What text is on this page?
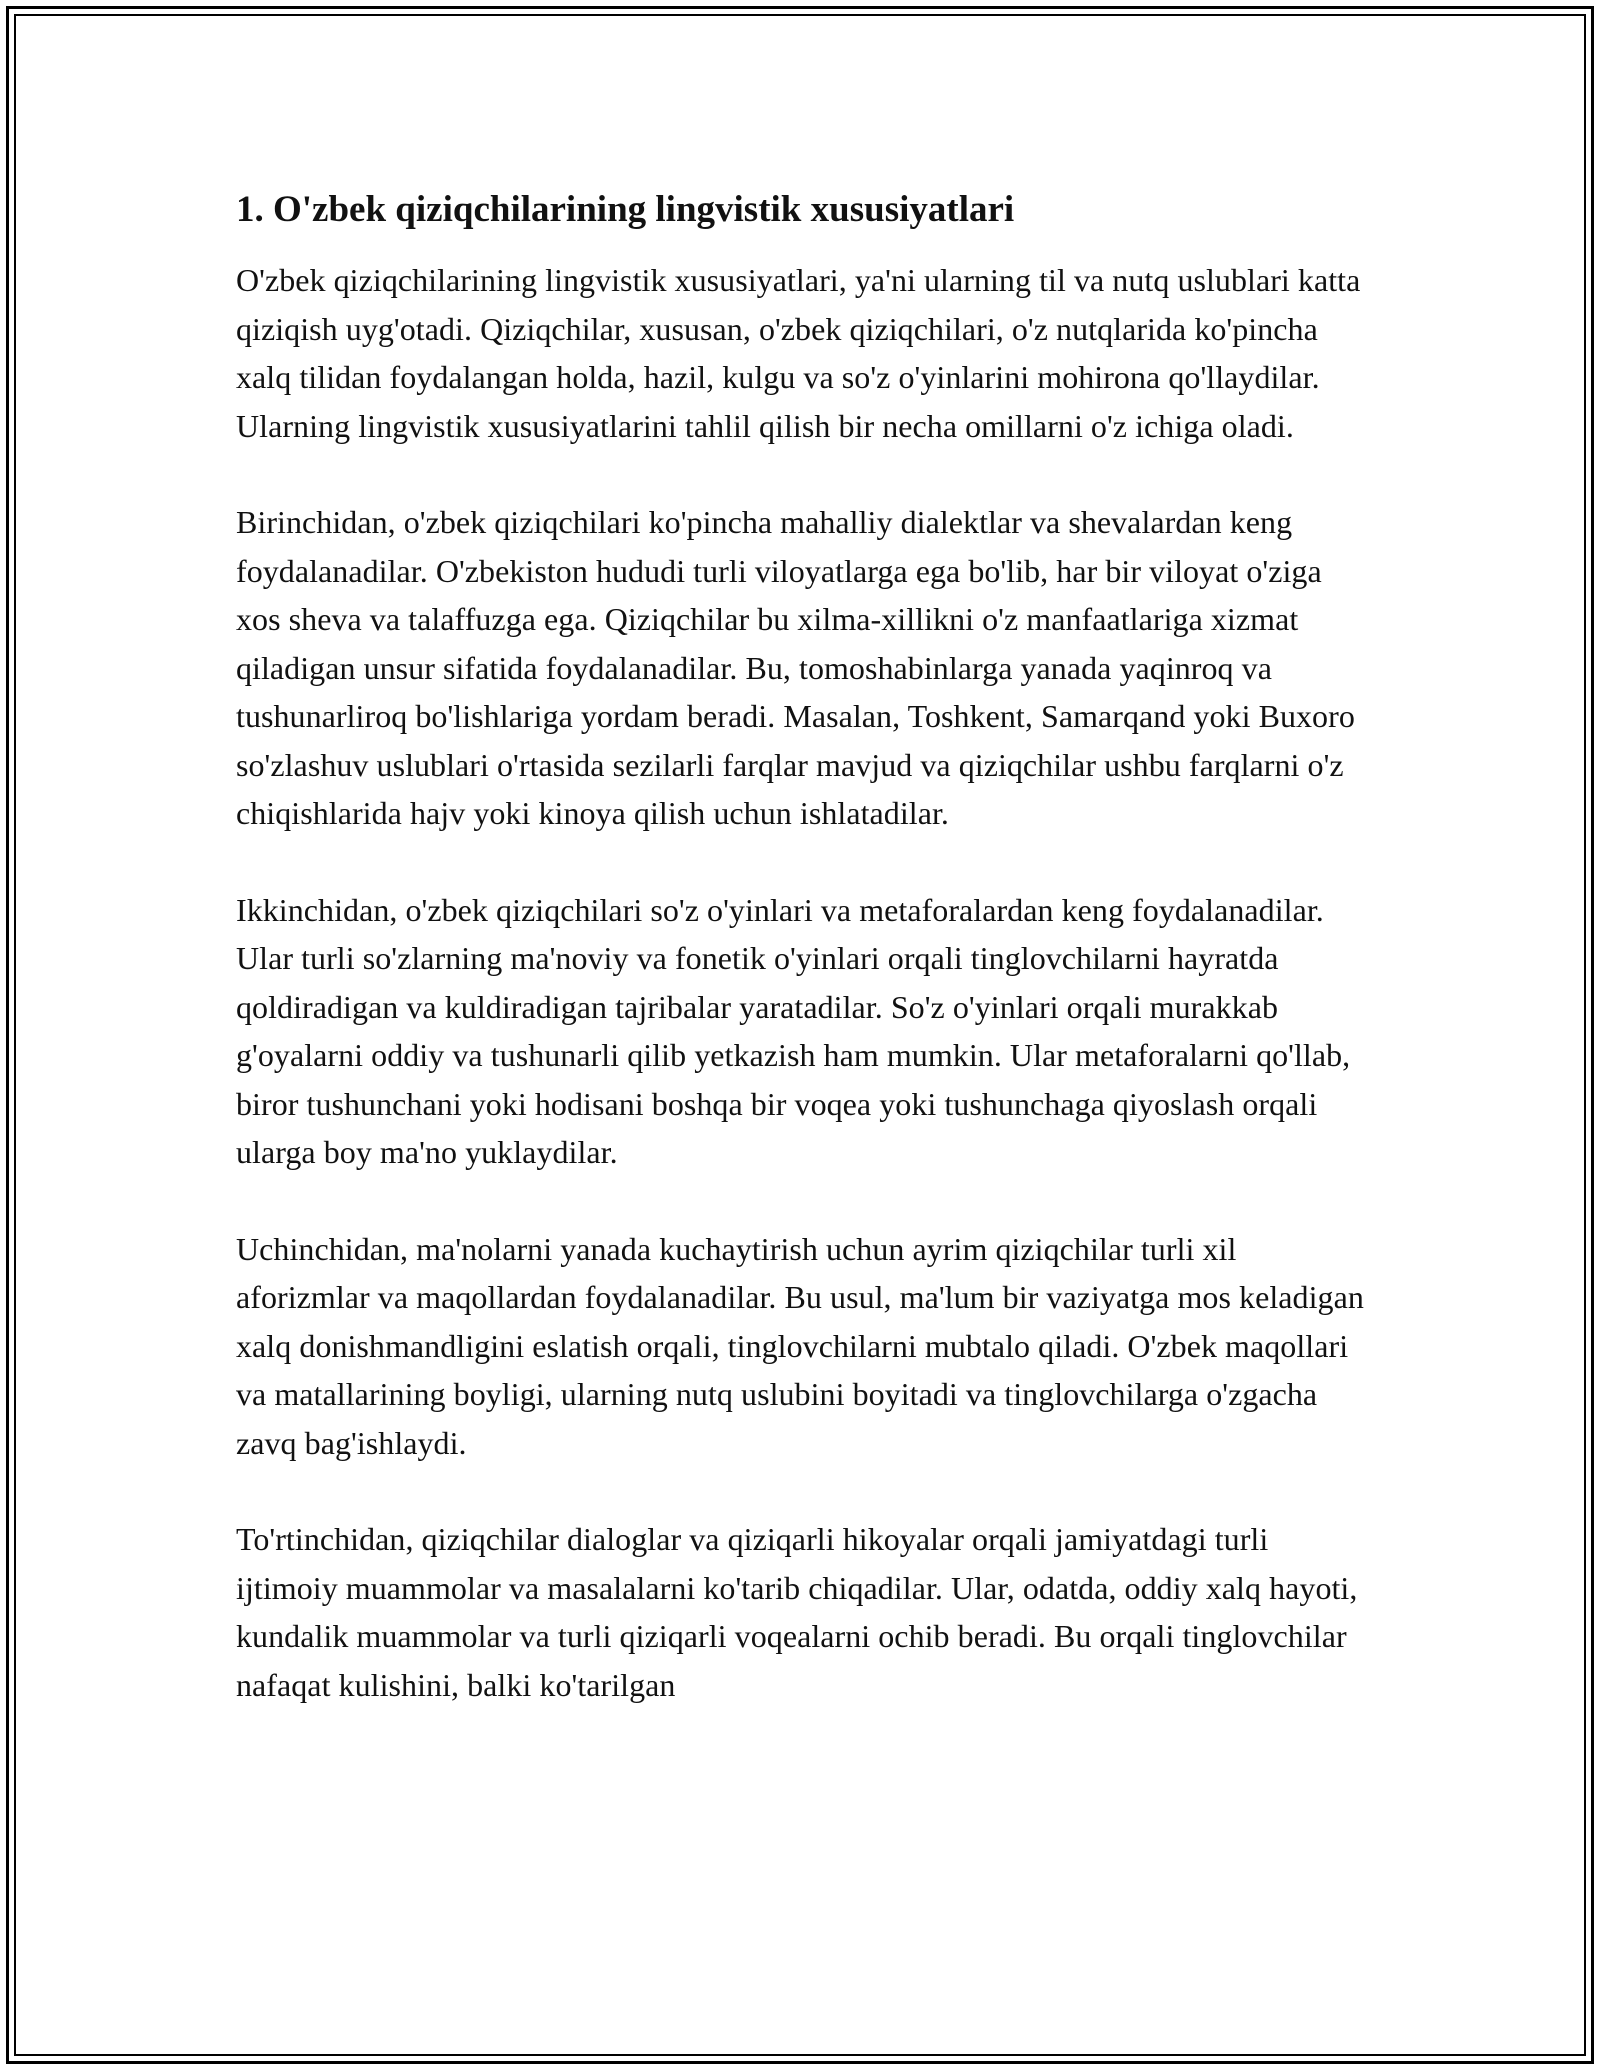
1. O'zbek qiziqchilarining lingvistik xususiyatlari

O'zbek qiziqchilarining lingvistik xususiyatlari, ya'ni ularning til va nutq uslublari katta qiziqish uyg'otadi. Qiziqchilar, xususan, o'zbek qiziqchilari, o'z nutqlarida ko'pincha xalq tilidan foydalangan holda, hazil, kulgu va so'z o'yinlarini mohirona qo'llaydilar. Ularning lingvistik xususiyatlarini tahlil qilish bir necha omillarni o'z ichiga oladi.

Birinchidan, o'zbek qiziqchilari ko'pincha mahalliy dialektlar va shevalardan keng foydalanadilar. O'zbekiston hududi turli viloyatlarga ega bo'lib, har bir viloyat o'ziga xos sheva va talaffuzga ega. Qiziqchilar bu xilma-xillikni o'z manfaatlariga xizmat qiladigan unsur sifatida foydalanadilar. Bu, tomoshabinlarga yanada yaqinroq va tushunarliroq bo'lishlariga yordam beradi. Masalan, Toshkent, Samarqand yoki Buxoro so'zlashuv uslublari o'rtasida sezilarli farqlar mavjud va qiziqchilar ushbu farqlarni o'z chiqishlarida hajv yoki kinoya qilish uchun ishlatadilar.

Ikkinchidan, o'zbek qiziqchilari so'z o'yinlari va metaforalardan keng foydalanadilar. Ular turli so'zlarning ma'noviy va fonetik o'yinlari orqali tinglovchilarni hayratda qoldiradigan va kuldiradigan tajribalar yaratadilar. So'z o'yinlari orqali murakkab g'oyalarni oddiy va tushunarli qilib yetkazish ham mumkin. Ular metaforalarni qo'llab, biror tushunchani yoki hodisani boshqa bir voqea yoki tushunchaga qiyoslash orqali ularga boy ma'no yuklaydilar.

Uchinchidan, ma'nolarni yanada kuchaytirish uchun ayrim qiziqchilar turli xil aforizmlar va maqollardan foydalanadilar. Bu usul, ma'lum bir vaziyatga mos keladigan xalq donishmandligini eslatish orqali, tinglovchilarni mubtalo qiladi. O'zbek maqollari va matallarining boyligi, ularning nutq uslubini boyitadi va tinglovchilarga o'zgacha zavq bag'ishlaydi.

To'rtinchidan, qiziqchilar dialoglar va qiziqarli hikoyalar orqali jamiyatdagi turli ijtimoiy muammolar va masalalarni ko'tarib chiqadilar. Ular, odatda, oddiy xalq hayoti, kundalik muammolar va turli qiziqarli voqealarni ochib beradi. Bu orqali tinglovchilar nafaqat kulishini, balki ko'tarilgan
